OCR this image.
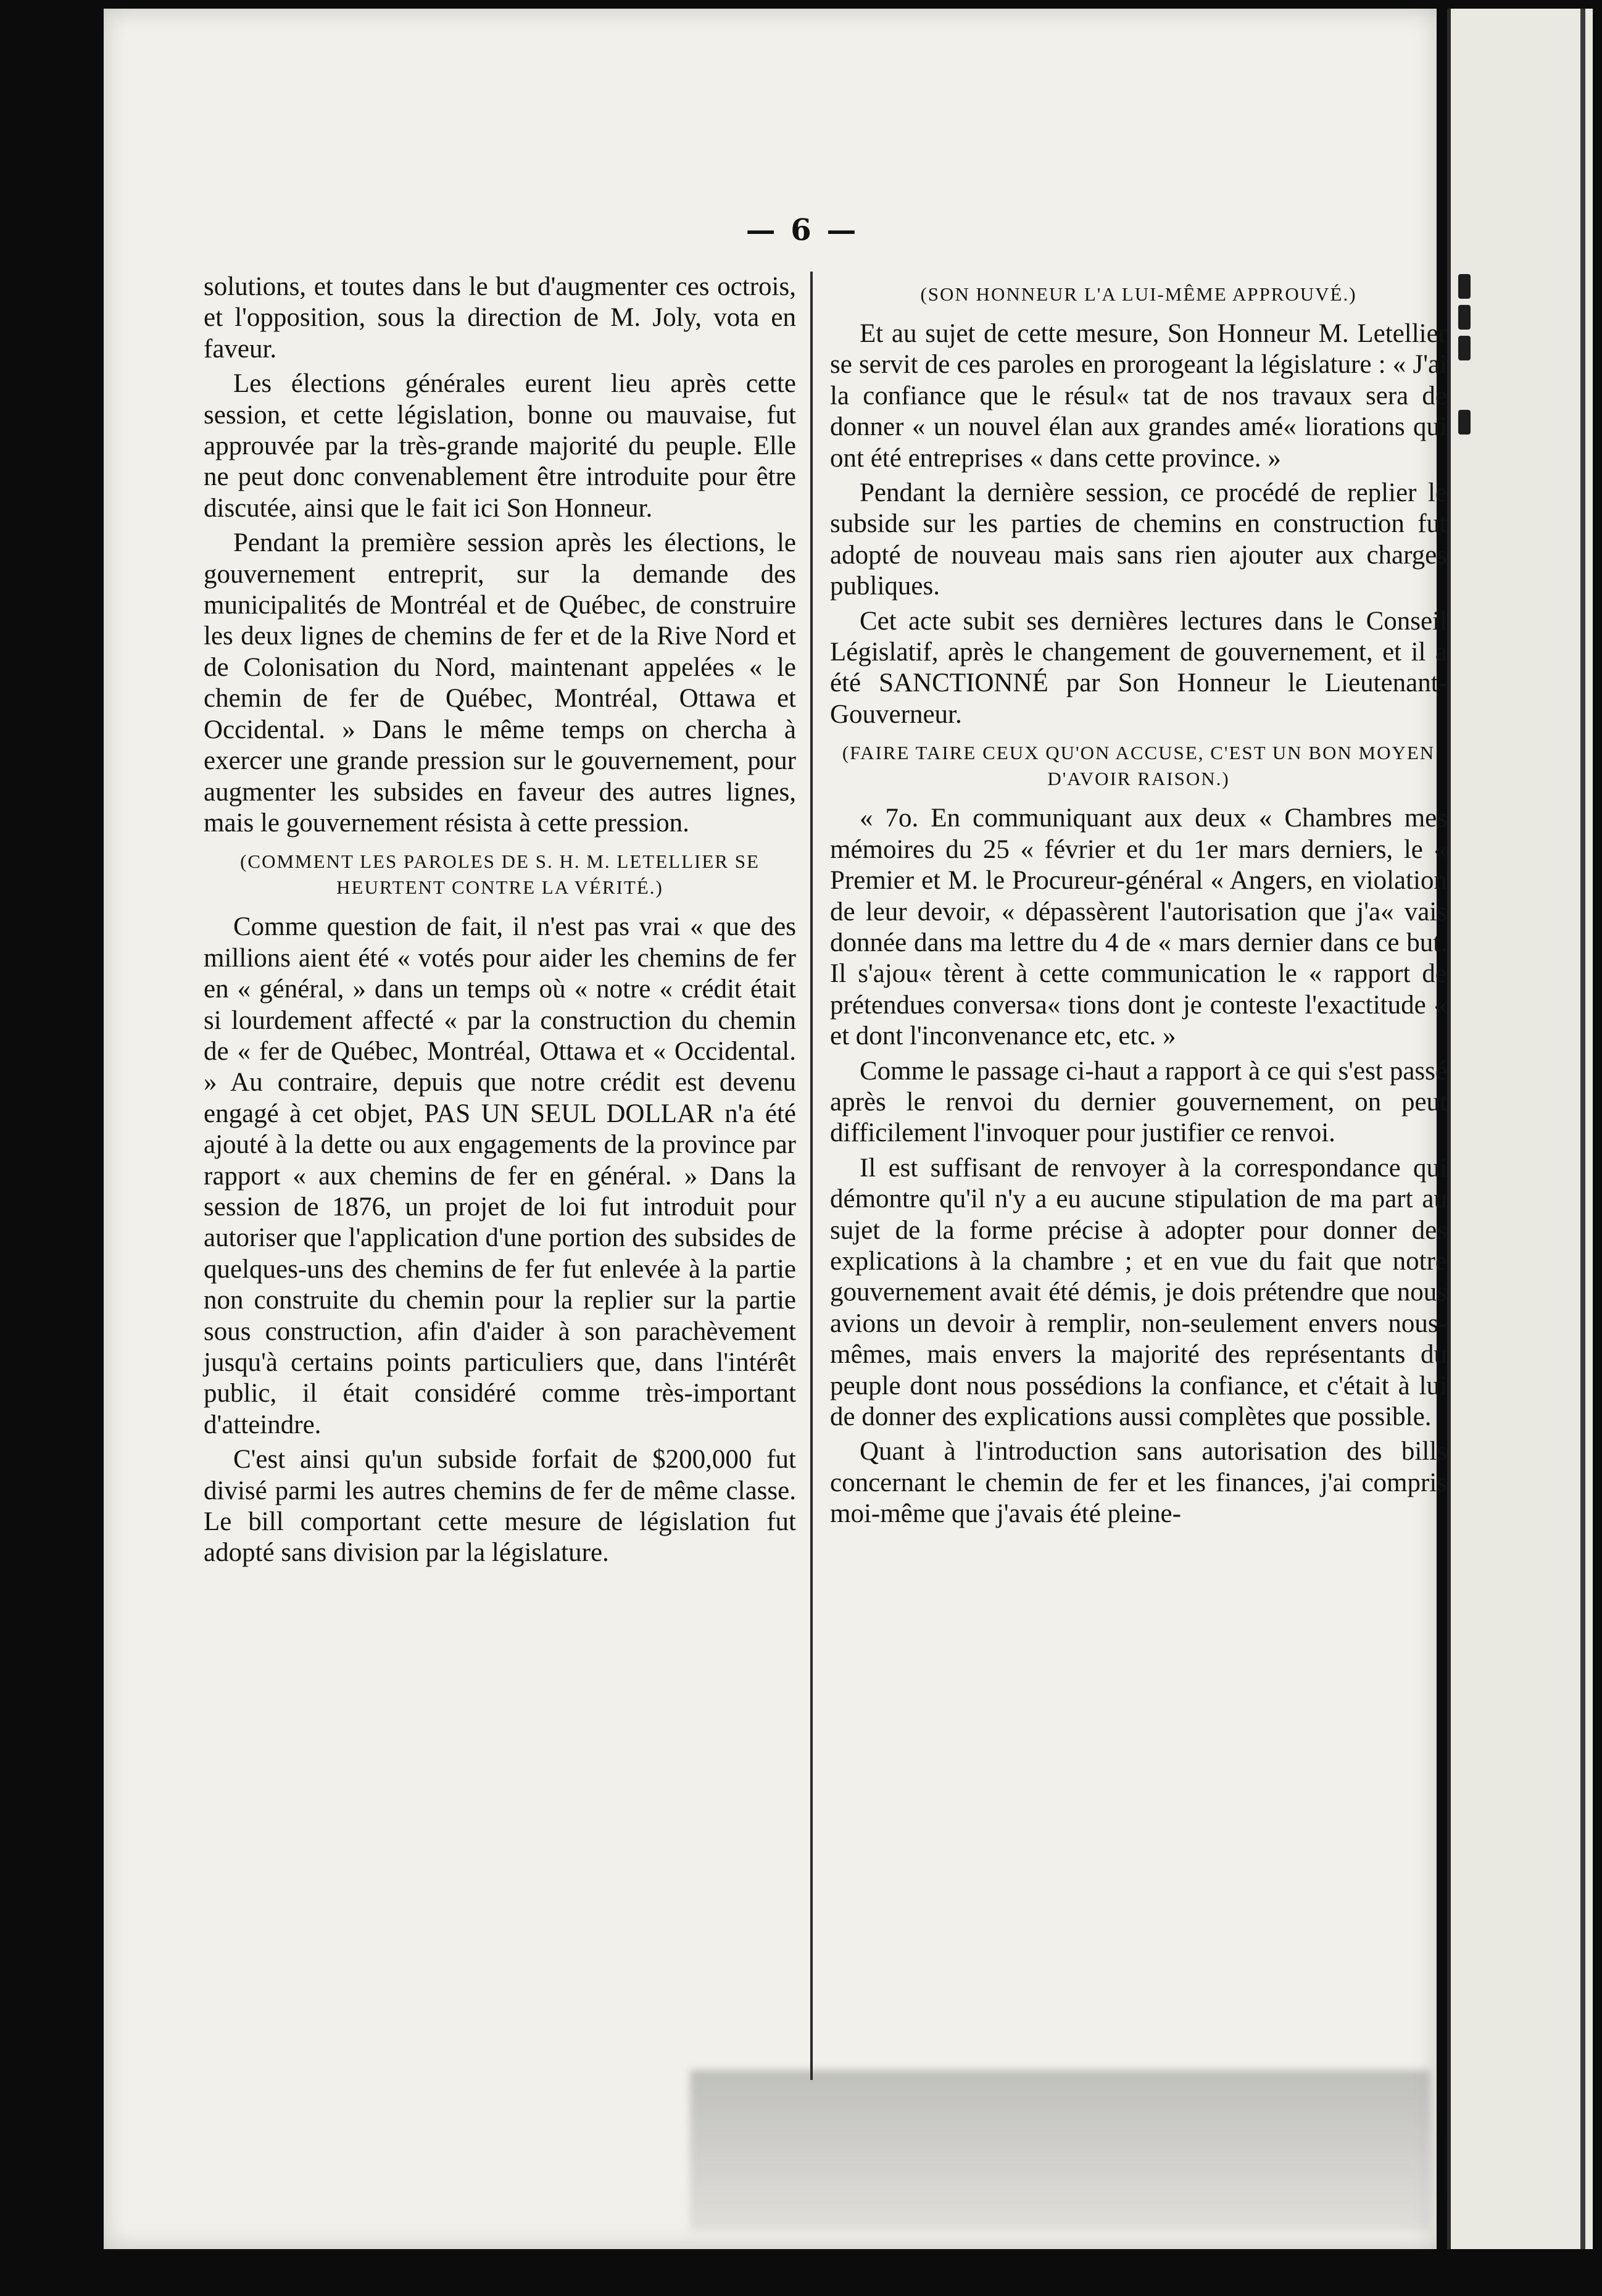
— 6 —

solutions, et toutes dans le but d'augmenter ces octrois, et l'opposition, sous la direction de M. Joly, vota en faveur.

Les élections générales eurent lieu après cette session, et cette législation, bonne ou mauvaise, fut approuvée par la très-grande majorité du peuple. Elle ne peut donc convenablement être introduite pour être discutée, ainsi que le fait ici Son Honneur.

Pendant la première session après les élections, le gouvernement entreprit, sur la demande des municipalités de Montréal et de Québec, de construire les deux lignes de chemins de fer et de la Rive Nord et de Colonisation du Nord, maintenant appelées « le chemin de fer de Québec, Montréal, Ottawa et Occidental. » Dans le même temps on chercha à exercer une grande pression sur le gouvernement, pour augmenter les subsides en faveur des autres lignes, mais le gouvernement résista à cette pression.

(COMMENT LES PAROLES DE S. H. M. LETELLIER SE HEURTENT CONTRE LA VÉRITÉ.)

Comme question de fait, il n'est pas vrai « que des millions aient été « votés pour aider les chemins de fer en « général, » dans un temps où « notre « crédit était si lourdement affecté « par la construction du chemin de « fer de Québec, Montréal, Ottawa et « Occidental. » Au contraire, depuis que notre crédit est devenu engagé à cet objet, PAS UN SEUL DOLLAR n'a été ajouté à la dette ou aux engagements de la province par rapport « aux chemins de fer en général. » Dans la session de 1876, un projet de loi fut introduit pour autoriser que l'application d'une portion des subsides de quelques-uns des chemins de fer fut enlevée à la partie non construite du chemin pour la replier sur la partie sous construction, afin d'aider à son parachèvement jusqu'à certains points particuliers que, dans l'intérêt public, il était considéré comme très-important d'atteindre.

C'est ainsi qu'un subside forfait de $200,000 fut divisé parmi les autres chemins de fer de même classe. Le bill comportant cette mesure de législation fut adopté sans division par la législature.

(SON HONNEUR L'A LUI-MÊME APPROUVÉ.)

Et au sujet de cette mesure, Son Honneur M. Letellier se servit de ces paroles en prorogeant la législature : « J'ai la confiance que le résul« tat de nos travaux sera de donner « un nouvel élan aux grandes amé« liorations qui ont été entreprises « dans cette province. »

Pendant la dernière session, ce procédé de replier le subside sur les parties de chemins en construction fut adopté de nouveau mais sans rien ajouter aux charges publiques.

Cet acte subit ses dernières lectures dans le Conseil Législatif, après le changement de gouvernement, et il a été SANCTIONNÉ par Son Honneur le Lieutenant-Gouverneur.

(FAIRE TAIRE CEUX QU'ON ACCUSE, C'EST UN BON MOYEN D'AVOIR RAISON.)

« 7o. En communiquant aux deux « Chambres mes mémoires du 25 « février et du 1er mars derniers, le « Premier et M. le Procureur-général « Angers, en violation de leur devoir, « dépassèrent l'autorisation que j'a« vais donnée dans ma lettre du 4 de « mars dernier dans ce but. Il s'ajou« tèrent à cette communication le « rapport de prétendues conversa« tions dont je conteste l'exactitude « et dont l'inconvenance etc, etc. »

Comme le passage ci-haut a rapport à ce qui s'est passé après le renvoi du dernier gouvernement, on peut difficilement l'invoquer pour justifier ce renvoi.

Il est suffisant de renvoyer à la correspondance qui démontre qu'il n'y a eu aucune stipulation de ma part au sujet de la forme précise à adopter pour donner des explications à la chambre ; et en vue du fait que notre gouvernement avait été démis, je dois prétendre que nous avions un devoir à remplir, non-seulement envers nous-mêmes, mais envers la majorité des représentants du peuple dont nous possédions la confiance, et c'était à lui de donner des explications aussi complètes que possible.

Quant à l'introduction sans autorisation des bills concernant le chemin de fer et les finances, j'ai compris moi-même que j'avais été pleine-
